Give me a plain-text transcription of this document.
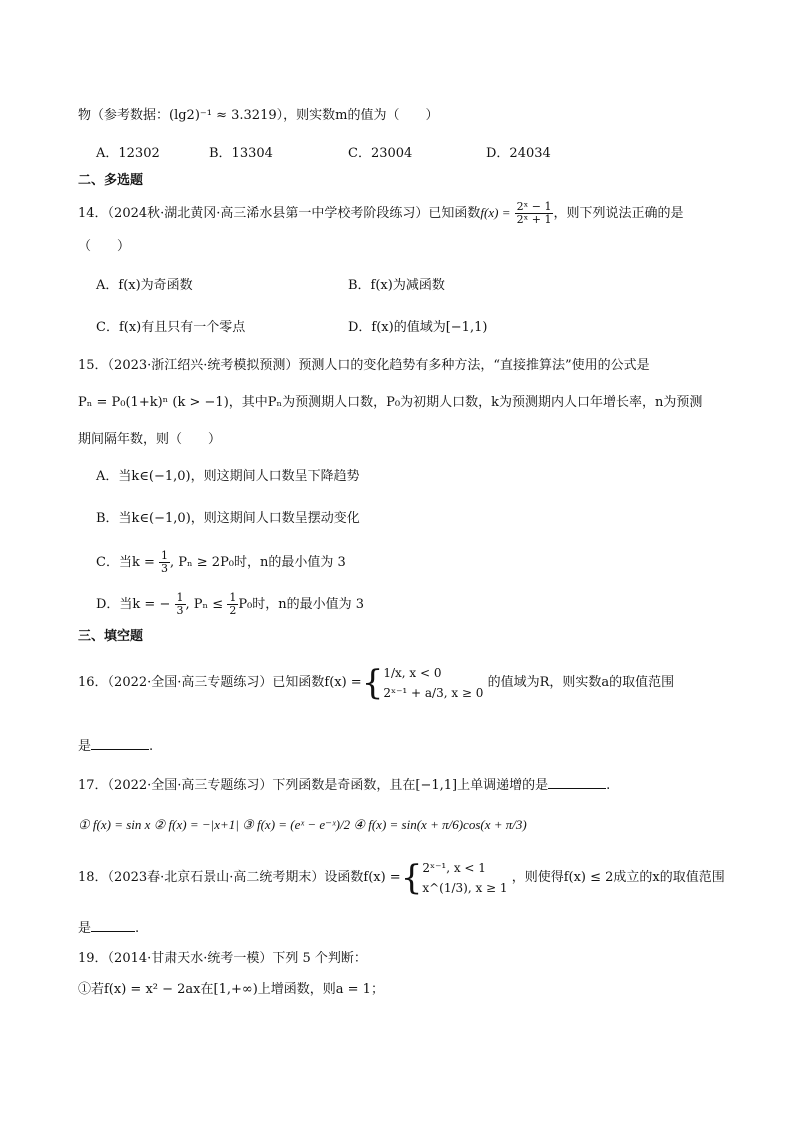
物（参考数据：(lg2)⁻¹ ≈ 3.3219），则实数m的值为（　　）
A．12302	B．13304	C．23004	D．24034
二、多选题
14．（2024秋·湖北黄冈·高三浠水县第一中学校考阶段练习）已知函数$f(x) = \frac{\text{2ˣ − 1}}{\text{2ˣ + 1}}$ ，则下列说法正确的是
（　　）
A．f(x)为奇函数	B．f(x)为减函数
C．f(x)有且只有一个零点	D．f(x)的值域为[−1,1)
15．（2023·浙江绍兴·统考模拟预测）预测人口的变化趋势有多种方法，“直接推算法”使用的公式是
Pₙ = P₀(1+k)ⁿ (k > −1)，其中Pₙ为预测期人口数，P₀为初期人口数，k为预测期内人口年增长率，n为预测
期间隔年数，则（　　）
A．当k∈(−1,0)，则这期间人口数呈下降趋势
B．当k∈(−1,0)，则这期间人口数呈摆动变化
C．当$k = \frac{1}{3}$ , Pₙ ≥ 2P₀时，n的最小值为 3
D．当k = − $\frac{1}{3}$ , $P_n \le \frac{1}{2} P_0$时，n的最小值为 3
三、填空题
16．（2022·全国·高三专题练习）已知函数f(x) ={ 1/x, x < 0
2ˣ⁻¹ + a/3, x ≥ 0
的值域为R，则实数a的取值范围
是	.
17．（2022·全国·高三专题练习）下列函数是奇函数，且在[−1,1]上单调递增的是	.
① f(x) = sin x ② f(x) = −|x+1| ③ f(x) = (eˣ − e⁻ˣ)/2 ④ f(x) = sin(x + π/6)cos(x + π/3)
18．（2023春·北京石景山·高二统考期末）设函数f(x) ={ 2ˣ⁻¹, x < 1
x^(1/3), x ≥ 1
，则使得f(x) ≤ 2成立的x的取值范围
是	.
19．（2014·甘肃天水·统考一模）下列 5 个判断：
①若f(x) = x² − 2ax在[1,+∞)上增函数，则a = 1；
